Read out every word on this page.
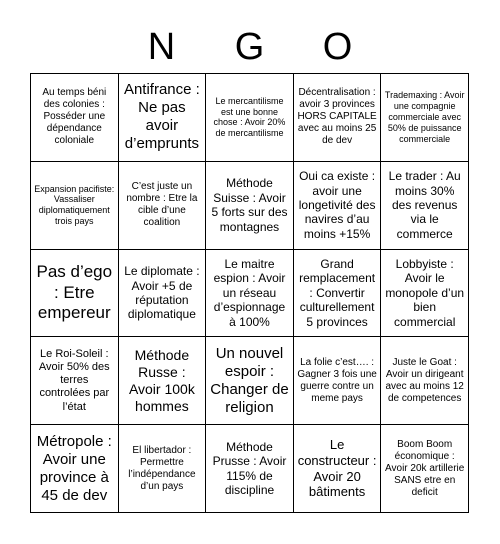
N	G	O
Au temps béni des colonies : Posséder une dépendance coloniale
Antifrance : Ne pas avoir d’emprunts
Le mercantilisme est une bonne chose : Avoir 20% de mercantilisme
Décentralisation : avoir 3 provinces HORS CAPITALE avec au moins 25 de dev
Trademaxing : Avoir une compagnie commerciale avec 50% de puissance commerciale
Expansion pacifiste: Vassaliser diplomatiquement trois pays
C’est juste un nombre : Etre la cible d’une coalition
Méthode Suisse : Avoir 5 forts sur des montagnes
Oui ca existe : avoir une longetivité des navires d’au moins +15%
Le trader : Au moins 30% des revenus via le commerce
Pas d’ego : Etre empereur
Le diplomate : Avoir +5 de réputation diplomatique
Le maitre espion : Avoir un réseau d’espionnage à 100%
Grand remplacement : Convertir culturellement 5 provinces
Lobbyiste : Avoir le monopole d’un bien commercial
Le Roi-Soleil : Avoir 50% des terres controlées par l’état
Méthode Russe : Avoir 100k hommes
Un nouvel espoir : Changer de religion
La folie c’est…. : Gagner 3 fois une guerre contre un meme pays
Juste le Goat : Avoir un dirigeant avec au moins 12 de competences
Métropole : Avoir une province à 45 de dev
El libertador : Permettre l’indépendance d’un pays
Méthode Prusse : Avoir 115% de discipline
Le constructeur : Avoir 20 bâtiments
Boom Boom économique : Avoir 20k artillerie SANS etre en deficit
